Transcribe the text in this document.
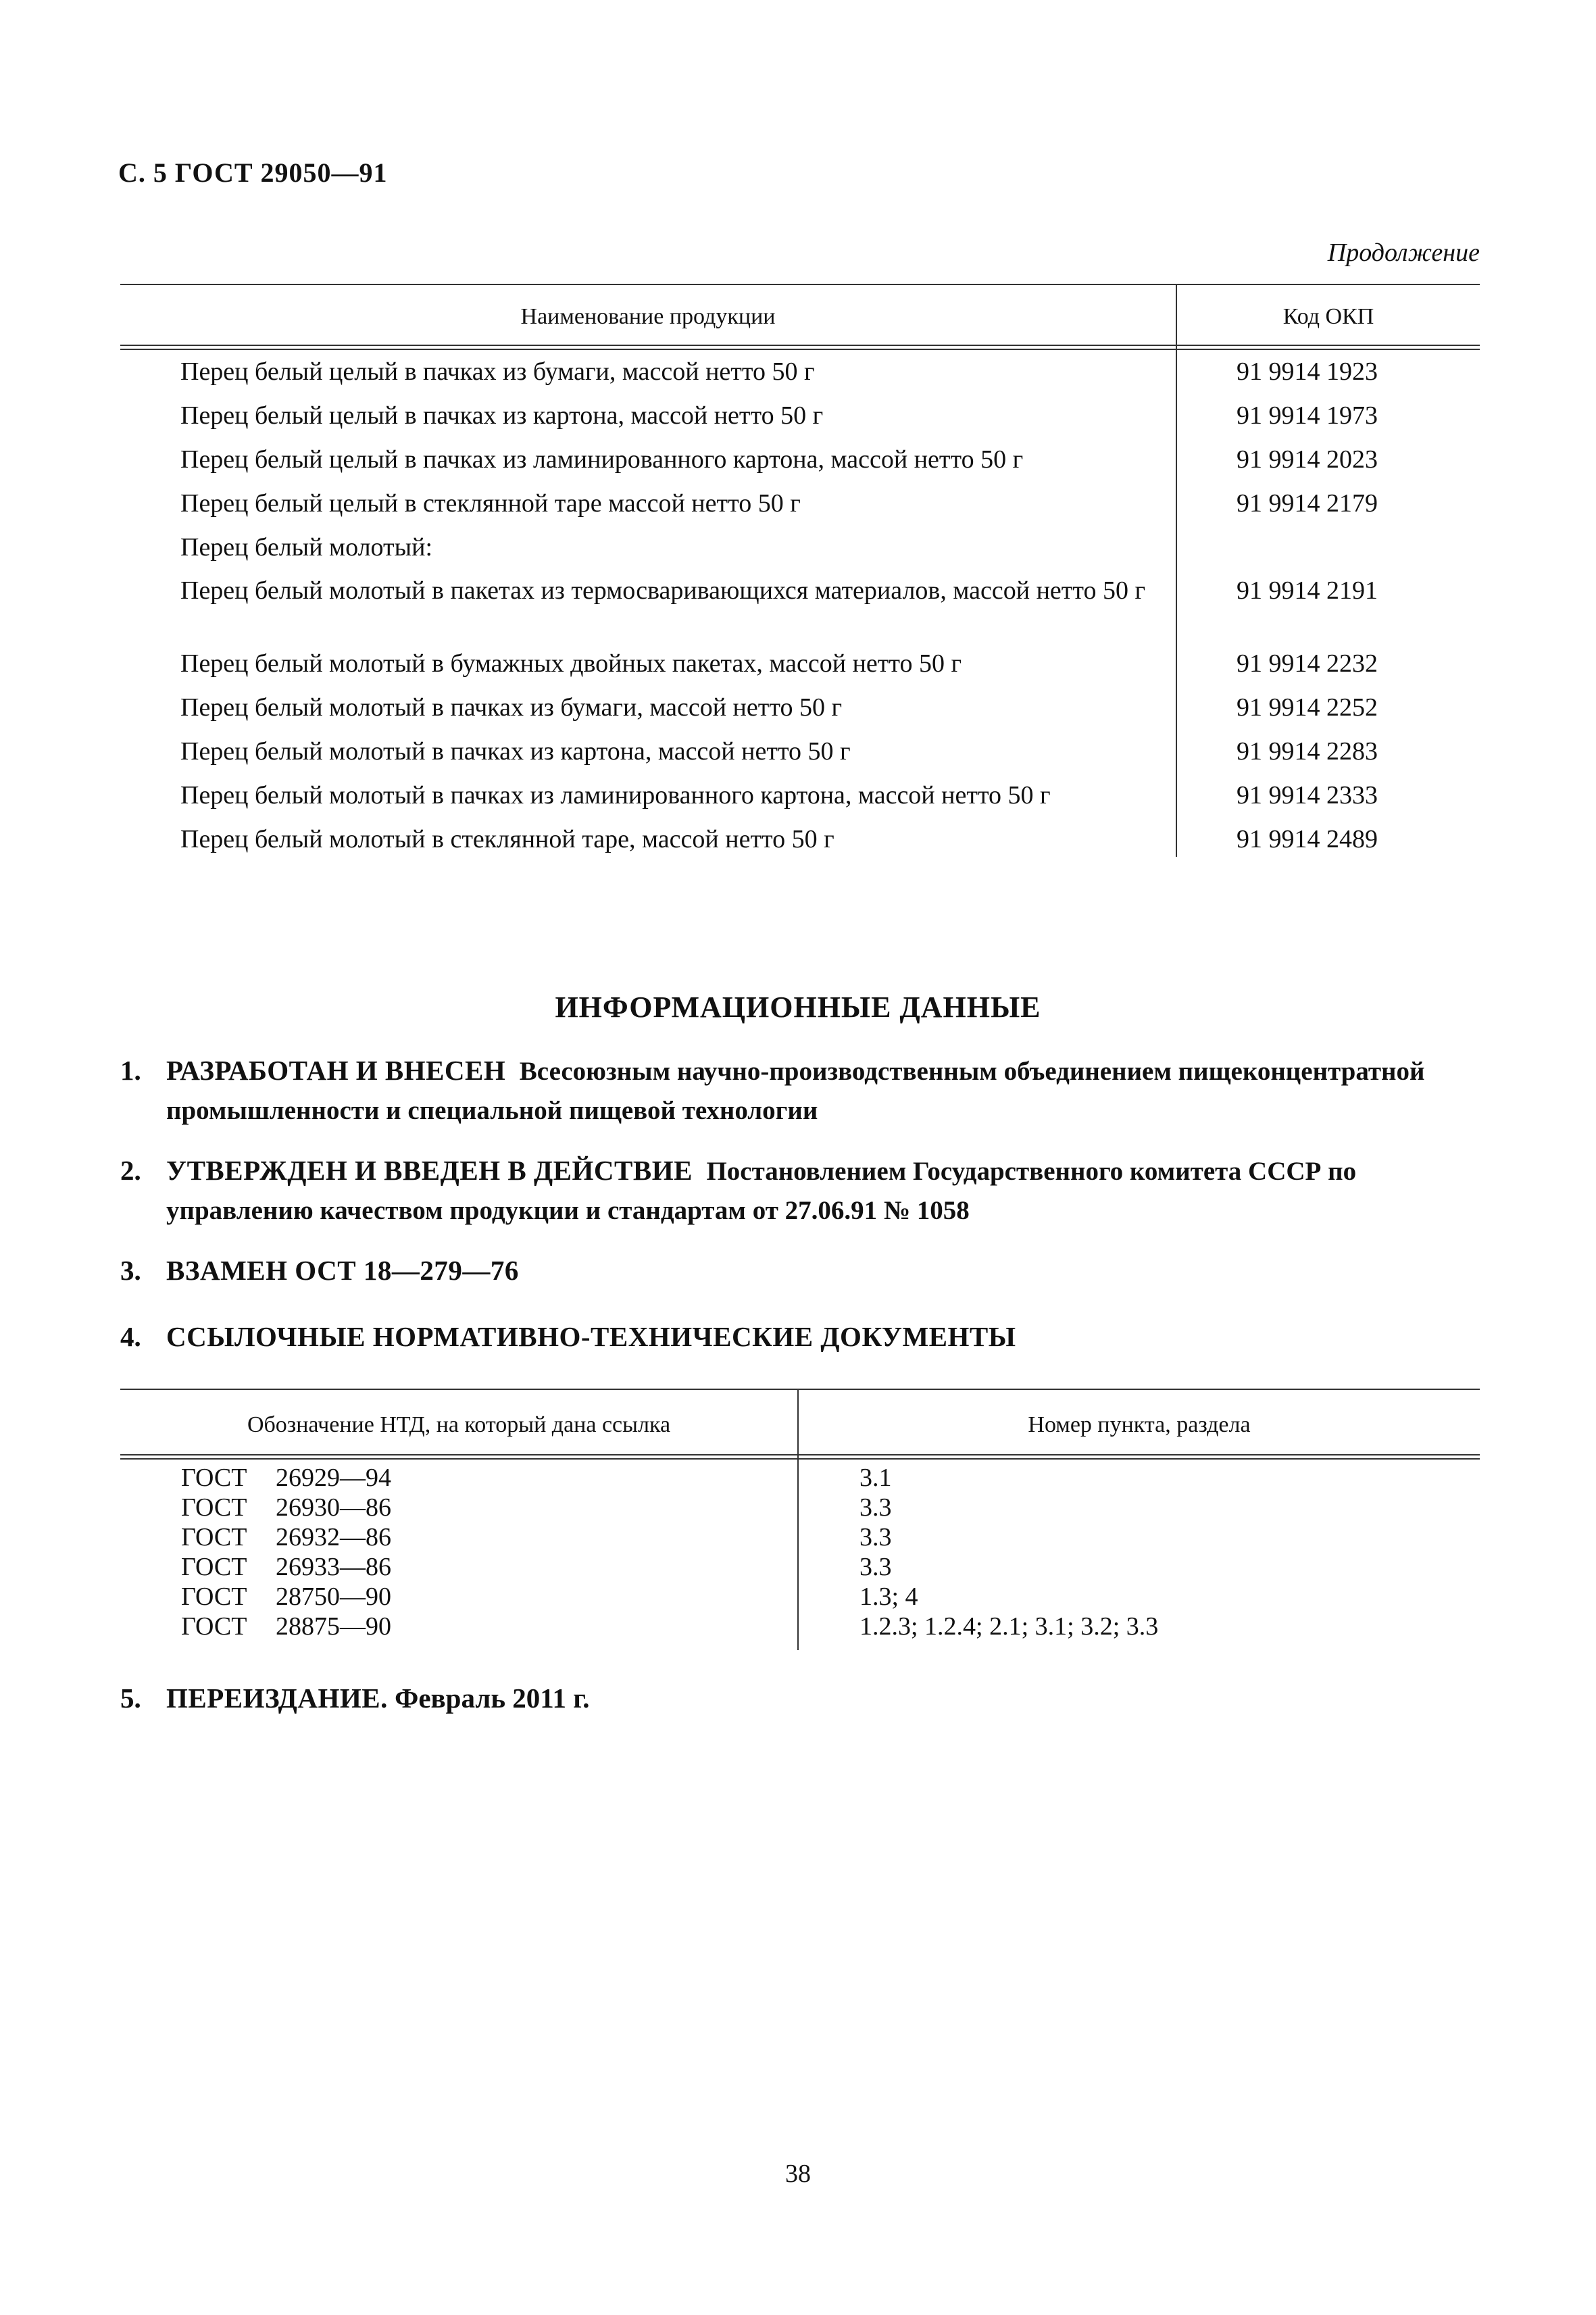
С. 5 ГОСТ 29050—91
Продолжение
Наименование продукции	Код ОКП
Перец белый целый в пачках из бумаги, массой нетто 50 г	91 9914 1923
Перец белый целый в пачках из картона, массой нетто 50 г	91 9914 1973
Перец белый целый в пачках из ламинированного картона, массой нетто 50 г	91 9914 2023
Перец белый целый в стеклянной таре массой нетто 50 г	91 9914 2179
Перец белый молотый:
Перец белый молотый в пакетах из термосваривающихся материалов, массой нетто 50 г	91 9914 2191
Перец белый молотый в бумажных двойных пакетах, массой нетто 50 г	91 9914 2232
Перец белый молотый в пачках из бумаги, массой нетто 50 г	91 9914 2252
Перец белый молотый в пачках из картона, массой нетто 50 г	91 9914 2283
Перец белый молотый в пачках из ламинированного картона, массой нетто 50 г	91 9914 2333
Перец белый молотый в стеклянной таре, массой нетто 50 г	91 9914 2489
ИНФОРМАЦИОННЫЕ ДАННЫЕ
1. РАЗРАБОТАН И ВНЕСЕН Всесоюзным научно-производственным объединением пищеконцентратной промышленности и специальной пищевой технологии
2. УТВЕРЖДЕН И ВВЕДЕН В ДЕЙСТВИЕ Постановлением Государственного комитета СССР по управлению качеством продукции и стандартам от 27.06.91 № 1058
3. ВЗАМЕН ОСТ 18—279—76
4. ССЫЛОЧНЫЕ НОРМАТИВНО-ТЕХНИЧЕСКИЕ ДОКУМЕНТЫ
Обозначение НТД, на который дана ссылка	Номер пункта, раздела
ГОСТ 26929—94	3.1
ГОСТ 26930—86	3.3
ГОСТ 26932—86	3.3
ГОСТ 26933—86	3.3
ГОСТ 28750—90	1.3; 4
ГОСТ 28875—90	1.2.3; 1.2.4; 2.1; 3.1; 3.2; 3.3
5. ПЕРЕИЗДАНИЕ. Февраль 2011 г.
38
